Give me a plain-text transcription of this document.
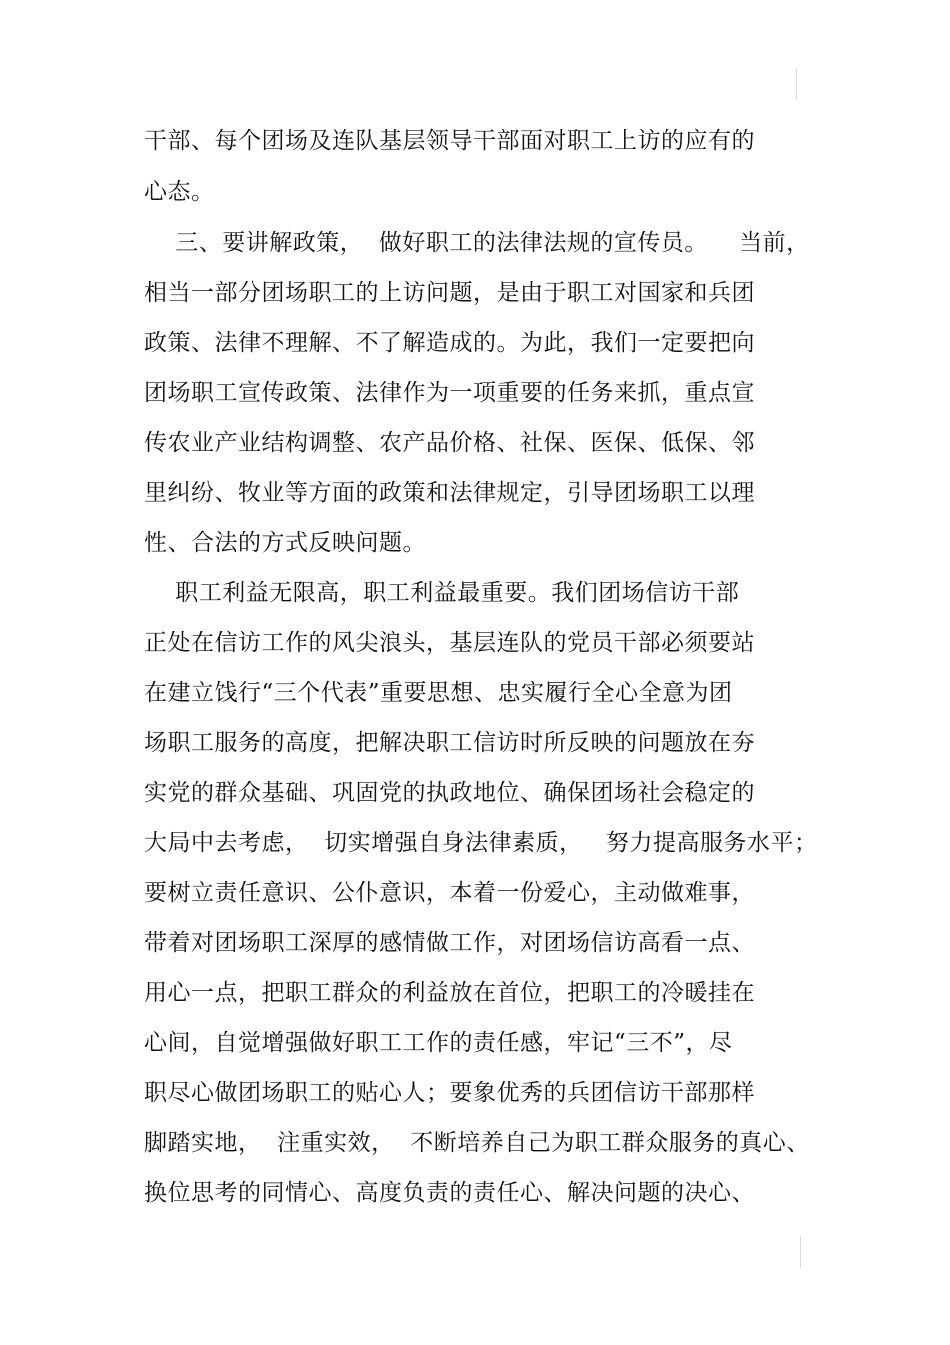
干部、每个团场及连队基层领导干部面对职工上访的应有的
心态。
三、要讲解政策，  做好职工的法律法规的宣传员。    当前，
相当一部分团场职工的上访问题，是由于职工对国家和兵团
政策、法律不理解、不了解造成的。为此，我们一定要把向
团场职工宣传政策、法律作为一项重要的任务来抓，重点宣
传农业产业结构调整、农产品价格、社保、医保、低保、邻
里纠纷、牧业等方面的政策和法律规定，引导团场职工以理
性、合法的方式反映问题。
职工利益无限高，职工利益最重要。我们团场信访干部
正处在信访工作的风尖浪头，基层连队的党员干部必须要站
在建立饯行“三个代表”重要思想、忠实履行全心全意为团
场职工服务的高度，把解决职工信访时所反映的问题放在夯
实党的群众基础、巩固党的执政地位、确保团场社会稳定的
大局中去考虑，  切实增强自身法律素质，   努力提高服务水平；
要树立责任意识、公仆意识，本着一份爱心，主动做难事，
带着对团场职工深厚的感情做工作，对团场信访高看一点、
用心一点，把职工群众的利益放在首位，把职工的冷暖挂在
心间，自觉增强做好职工工作的责任感，牢记“三不”，尽
职尽心做团场职工的贴心人；要象优秀的兵团信访干部那样
脚踏实地，  注重实效，  不断培养自己为职工群众服务的真心、
换位思考的同情心、高度负责的责任心、解决问题的决心、
